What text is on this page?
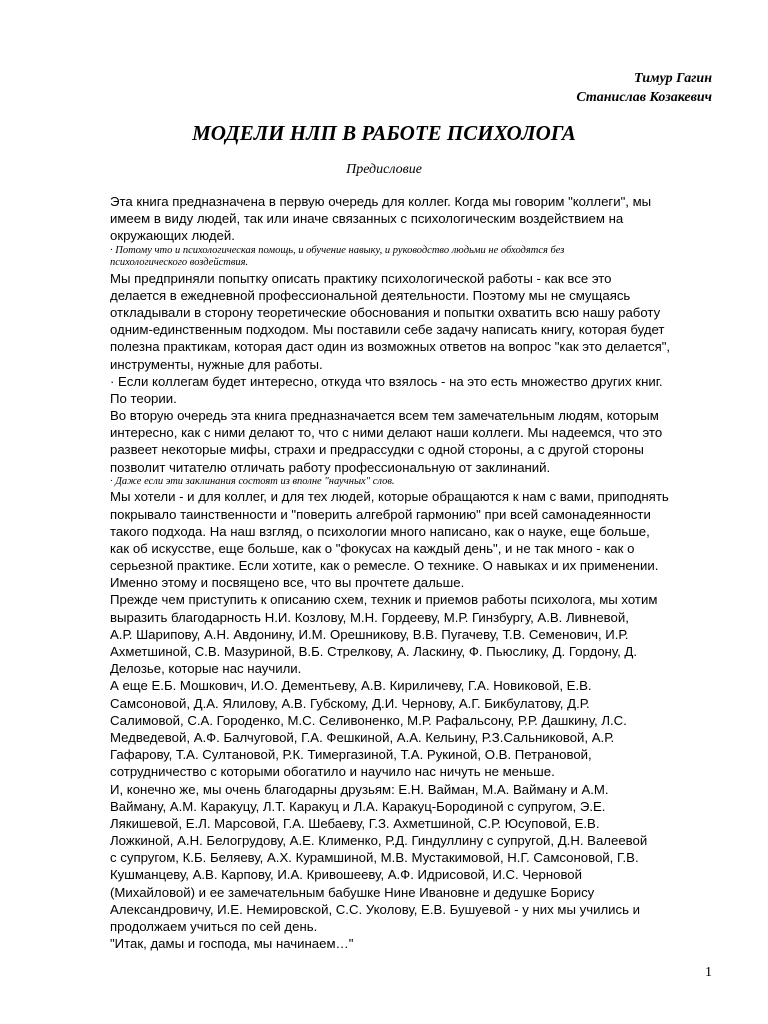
Тимур Гагин
Станислав Козакевич
МОДЕЛИ НЛП В РАБОТЕ ПСИХОЛОГА
Предисловие
Эта книга предназначена в первую очередь для коллег. Когда мы говорим "коллеги", мы
имеем в виду людей, так или иначе связанных с психологическим воздействием на
окружающих людей.
· Потому что и психологическая помощь, и обучение навыку, и руководство людьми не обходятся без
психологического воздействия.
Мы предприняли попытку описать практику психологической работы - как все это
делается в ежедневной профессиональной деятельности. Поэтому мы не смущаясь
откладывали в сторону теоретические обоснования и попытки охватить всю нашу работу
одним-единственным подходом. Мы поставили себе задачу написать книгу, которая будет
полезна практикам, которая даст один из возможных ответов на вопрос "как это делается",
инструменты, нужные для работы.
· Если коллегам будет интересно, откуда что взялось - на это есть множество других книг.
По теории.
Во вторую очередь эта книга предназначается всем тем замечательным людям, которым
интересно, как с ними делают то, что с ними делают наши коллеги. Мы надеемся, что это
развеет некоторые мифы, страхи и предрассудки с одной стороны, а с другой стороны
позволит читателю отличать работу профессиональную от заклинаний.
· Даже если эти заклинания состоят из вполне "научных" слов.
Мы хотели - и для коллег, и для тех людей, которые обращаются к нам с вами, приподнять
покрывало таинственности и "поверить алгеброй гармонию" при всей самонадеянности
такого подхода. На наш взгляд, о психологии много написано, как о науке, еще больше,
как об искусстве, еще больше, как о "фокусах на каждый день", и не так много - как о
серьезной практике. Если хотите, как о ремесле. О технике. О навыках и их применении.
Именно этому и посвящено все, что вы прочтете дальше.
Прежде чем приступить к описанию схем, техник и приемов работы психолога, мы хотим
выразить благодарность Н.И. Козлову, М.Н. Гордееву, М.Р. Гинзбургу, А.В. Ливневой,
А.Р. Шарипову, А.Н. Авдонину, И.М. Орешникову, В.В. Пугачеву, Т.В. Семенович, И.Р.
Ахметшиной, С.В. Мазуриной, В.Б. Стрелкову, А. Ласкину, Ф. Пьюслику, Д. Гордону, Д.
Делозье, которые нас научили.
А еще Е.Б. Мошкович, И.О. Дементьеву, А.В. Кириличеву, Г.А. Новиковой, Е.В.
Самсоновой, Д.А. Ялилову, А.В. Губскому, Д.И. Чернову, А.Г. Бикбулатову, Д.Р.
Салимовой, С.А. Городенко, М.С. Селивоненко, М.Р. Рафальсону, Р.Р. Дашкину, Л.С.
Медведевой, А.Ф. Балчуговой, Г.А. Фешкиной, А.А. Кельину, Р.З.Сальниковой, А.Р.
Гафарову, Т.А. Султановой, Р.К. Тимергазиной, Т.А. Рукиной, О.В. Петрановой,
сотрудничество с которыми обогатило и научило нас ничуть не меньше.
И, конечно же, мы очень благодарны друзьям: Е.Н. Вайман, М.А. Вайману и А.М.
Вайману, А.М. Каракуцу, Л.Т. Каракуц и Л.А. Каракуц-Бородиной с супругом, Э.Е.
Лякишевой, Е.Л. Марсовой, Г.А. Шебаеву, Г.З. Ахметшиной, С.Р. Юсуповой, Е.В.
Ложкиной, А.Н. Белогрудову, А.Е. Клименко, Р.Д. Гиндуллину с супругой, Д.Н. Валеевой
с супругом, К.Б. Беляеву, А.Х. Курамшиной, М.В. Мустакимовой, Н.Г. Самсоновой, Г.В.
Кушманцеву, А.В. Карпову, И.А. Кривошееву, А.Ф. Идрисовой, И.С. Черновой
(Михайловой) и ее замечательным бабушке Нине Ивановне и дедушке Борису
Александровичу, И.Е. Немировской, С.С. Уколову, Е.В. Бушуевой - у них мы учились и
продолжаем учиться по сей день.
"Итак, дамы и господа, мы начинаем…"
1
